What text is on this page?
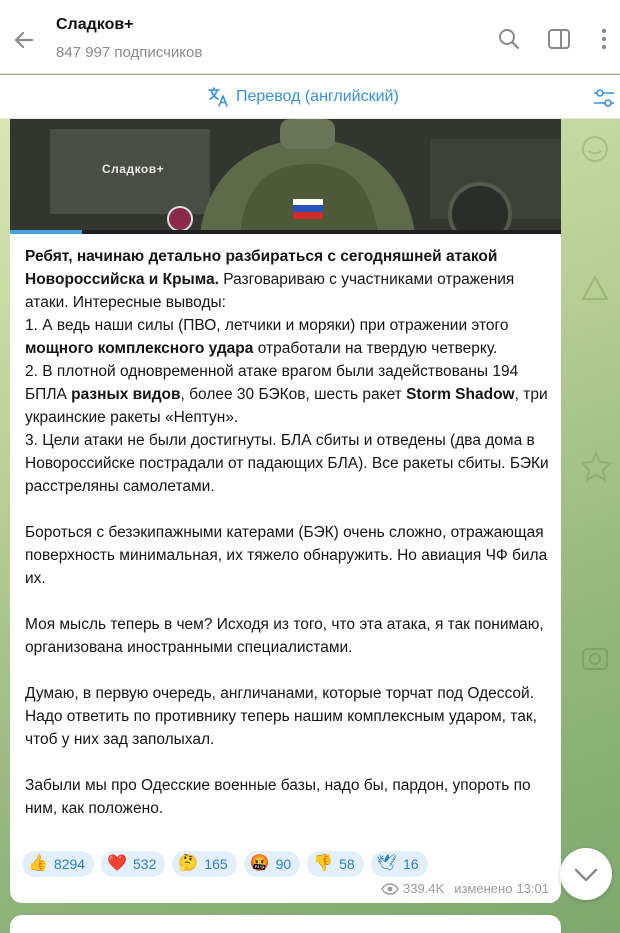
Сладков+
847 997 подписчиков
Перевод (английский)
Сладков+

Ребят, начинаю детально разбираться с сегодняшней атакой Новороссийска и Крыма. Разговариваю с участниками отражения атаки. Интересные выводы:

1. А ведь наши силы (ПВО, летчики и моряки) при отражении этого мощного комплексного удара отработали на твердую четверку.

2. В плотной одновременной атаке врагом были задействованы 194 БПЛА разных видов, более 30 БЭКов, шесть ракет Storm Shadow, три украинские ракеты «Нептун».

3. Цели атаки не были достигнуты. БЛА сбиты и отведены (два дома в Новороссийске пострадали от падающих БЛА). Все ракеты сбиты. БЭКи расстреляны самолетами.

Бороться с безэкипажными катерами (БЭК) очень сложно, отражающая поверхность минимальная, их тяжело обнаружить. Но авиация ЧФ била их.

Моя мысль теперь в чем? Исходя из того, что эта атака, я так понимаю, организована иностранными специалистами.

Думаю, в первую очередь, англичанами, которые торчат под Одессой. Надо ответить по противнику теперь нашим комплексным ударом, так, чтоб у них зад заполыхал.

Забыли мы про Одесские военные базы, надо бы, пардон, упороть по ним, как положено.

👍 8294 ❤️ 532 🤔 165 🤬 90 👎 58 🕊 16
339.4K изменено 13:01
